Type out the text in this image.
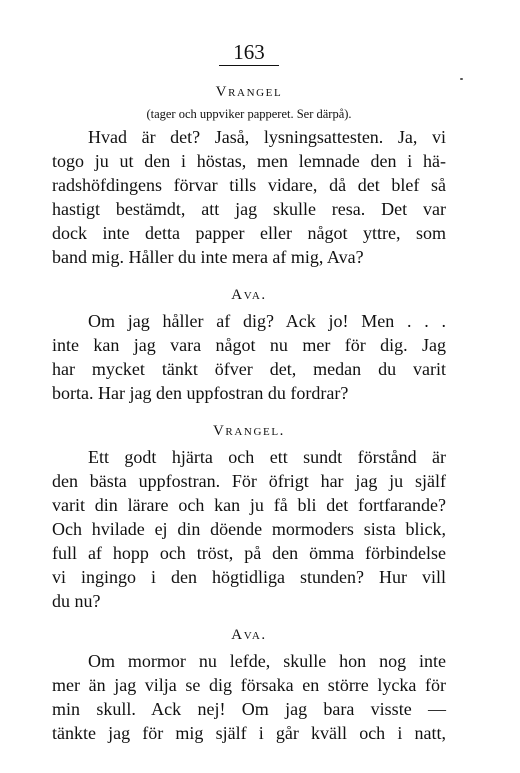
163
Vrangel
(tager och uppviker papperet. Ser därpå).
Hvad är det? Jaså, lysningsattesten. Ja, vi
togo ju ut den i höstas, men lemnade den i hä-
radshöfdingens förvar tills vidare, då det blef så
hastigt bestämdt, att jag skulle resa. Det var
dock inte detta papper eller något yttre, som
band mig. Håller du inte mera af mig, Ava?
Ava.
Om jag håller af dig? Ack jo! Men . . .
inte kan jag vara något nu mer för dig. Jag
har mycket tänkt öfver det, medan du varit
borta. Har jag den uppfostran du fordrar?
Vrangel.
Ett godt hjärta och ett sundt förstånd är
den bästa uppfostran. För öfrigt har jag ju själf
varit din lärare och kan ju få bli det fortfarande?
Och hvilade ej din döende mormoders sista blick,
full af hopp och tröst, på den ömma förbindelse
vi ingingo i den högtidliga stunden? Hur vill
du nu?
Ava.
Om mormor nu lefde, skulle hon nog inte
mer än jag vilja se dig försaka en större lycka för
min skull. Ack nej! Om jag bara visste —
tänkte jag för mig själf i går kväll och i natt,
